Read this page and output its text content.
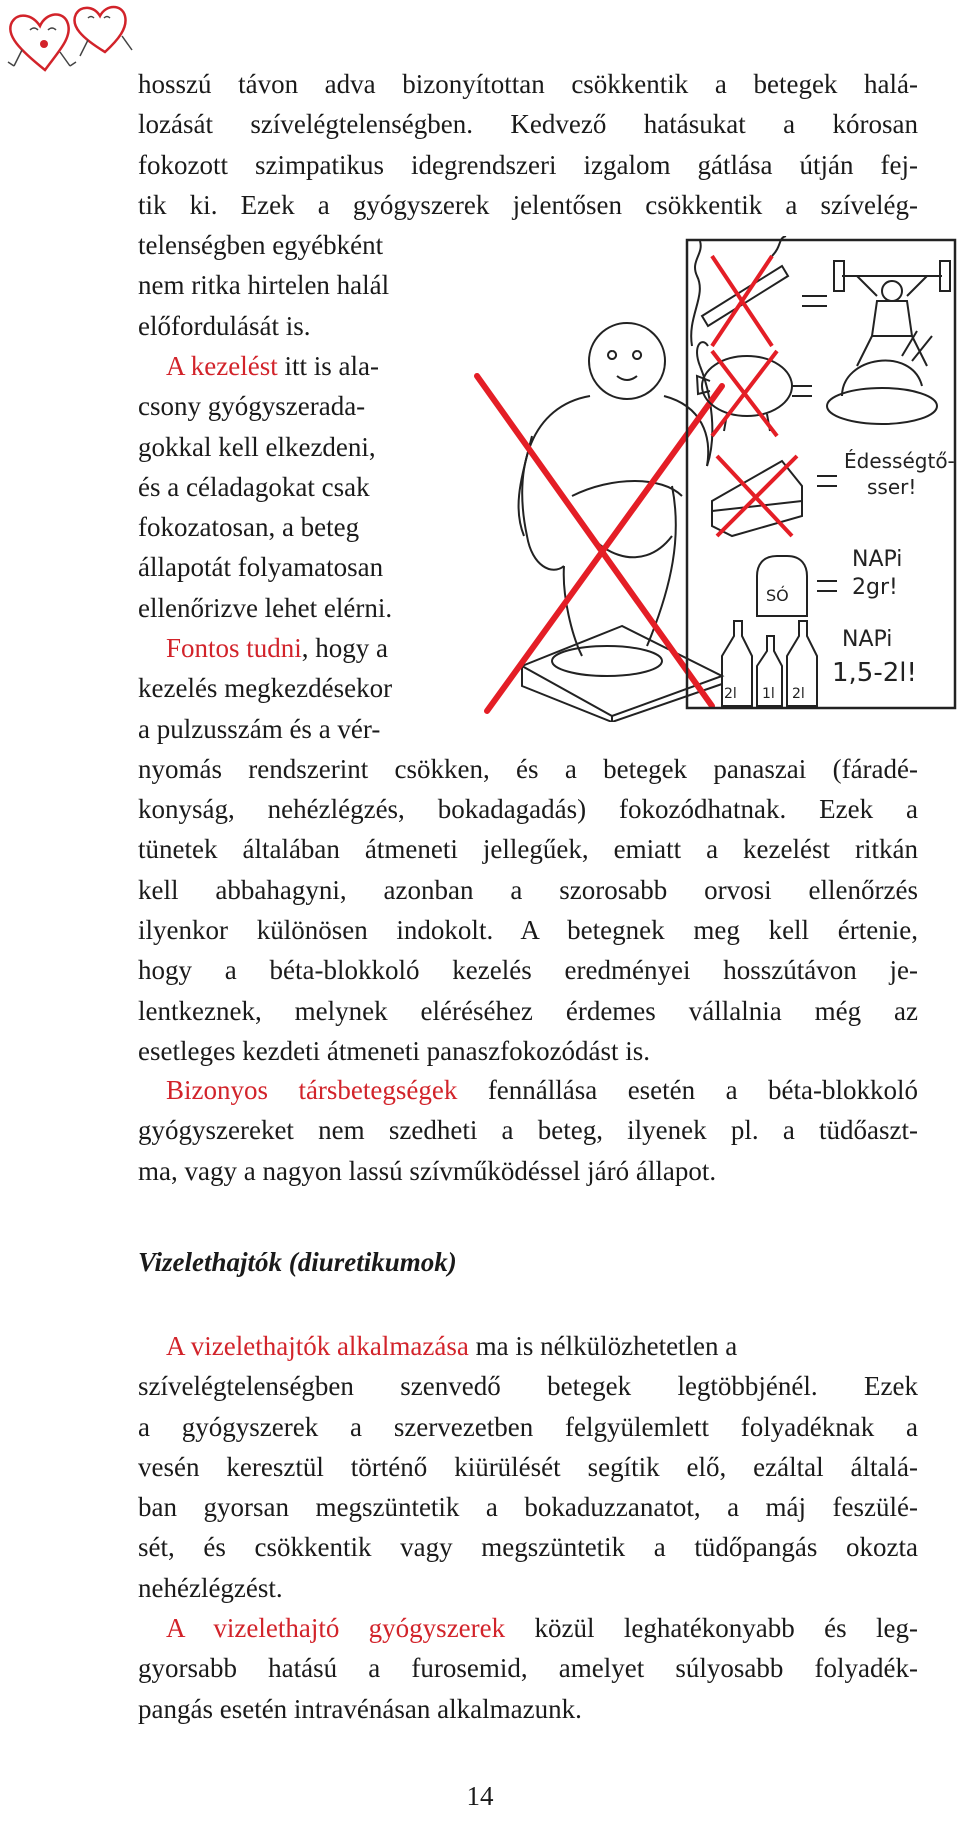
hosszú távon adva bizonyítottan csökkentik a betegek halá-
lozását szívelégtelenségben. Kedvező hatásukat a kórosan
fokozott szimpatikus idegrendszeri izgalom gátlása útján fej-
tik ki. Ezek a gyógyszerek jelentősen csökkentik a szívelég-
telenségben egyébként
nem ritka hirtelen halál
előfordulását is.
A kezelést itt is ala-
csony gyógyszerada-
gokkal kell elkezdeni,
és a céladagokat csak
fokozatosan, a beteg
állapotát folyamatosan
ellenőrizve lehet elérni.
Fontos tudni, hogy a
kezelés megkezdésekor
a pulzusszám és a vér-
nyomás rendszerint csökken, és a betegek panaszai (fáradé-
konyság, nehézlégzés, bokadagadás) fokozódhatnak. Ezek a
tünetek általában átmeneti jellegűek, emiatt a kezelést ritkán
kell abbahagyni, azonban a szorosabb orvosi ellenőrzés
ilyenkor különösen indokolt. A betegnek meg kell értenie,
hogy a béta-blokkoló kezelés eredményei hosszútávon je-
lentkeznek, melynek eléréséhez érdemes vállalnia még az
esetleges kezdeti átmeneti panaszfokozódást is.
Bizonyos társbetegségek fennállása esetén a béta-blokkoló
gyógyszereket nem szedheti a beteg, ilyenek pl. a tüdőaszt-
ma, vagy a nagyon lassú szívműködéssel járó állapot.

Vizelethajtók (diuretikumok)

A vizelethajtók alkalmazása ma is nélkülözhetetlen a
szívelégtelenségben szenvedő betegek legtöbbjénél. Ezek
a gyógyszerek a szervezetben felgyülemlett folyadéknak a
vesén keresztül történő kiürülését segítik elő, ezáltal általá-
ban gyorsan megszüntetik a bokaduzzanatot, a máj feszülé-
sét, és csökkentik vagy megszüntetik a tüdőpangás okozta
nehézlégzést.
A vizelethajtó gyógyszerek közül leghatékonyabb és leg-
gyorsabb hatású a furosemid, amelyet súlyosabb folyadék-
pangás esetén intravénásan alkalmazunk.
Édességtő-
sser!
SÓ
NAPi
2gr!
2l 1l 2l
NAPi
1,5-2l!
14
